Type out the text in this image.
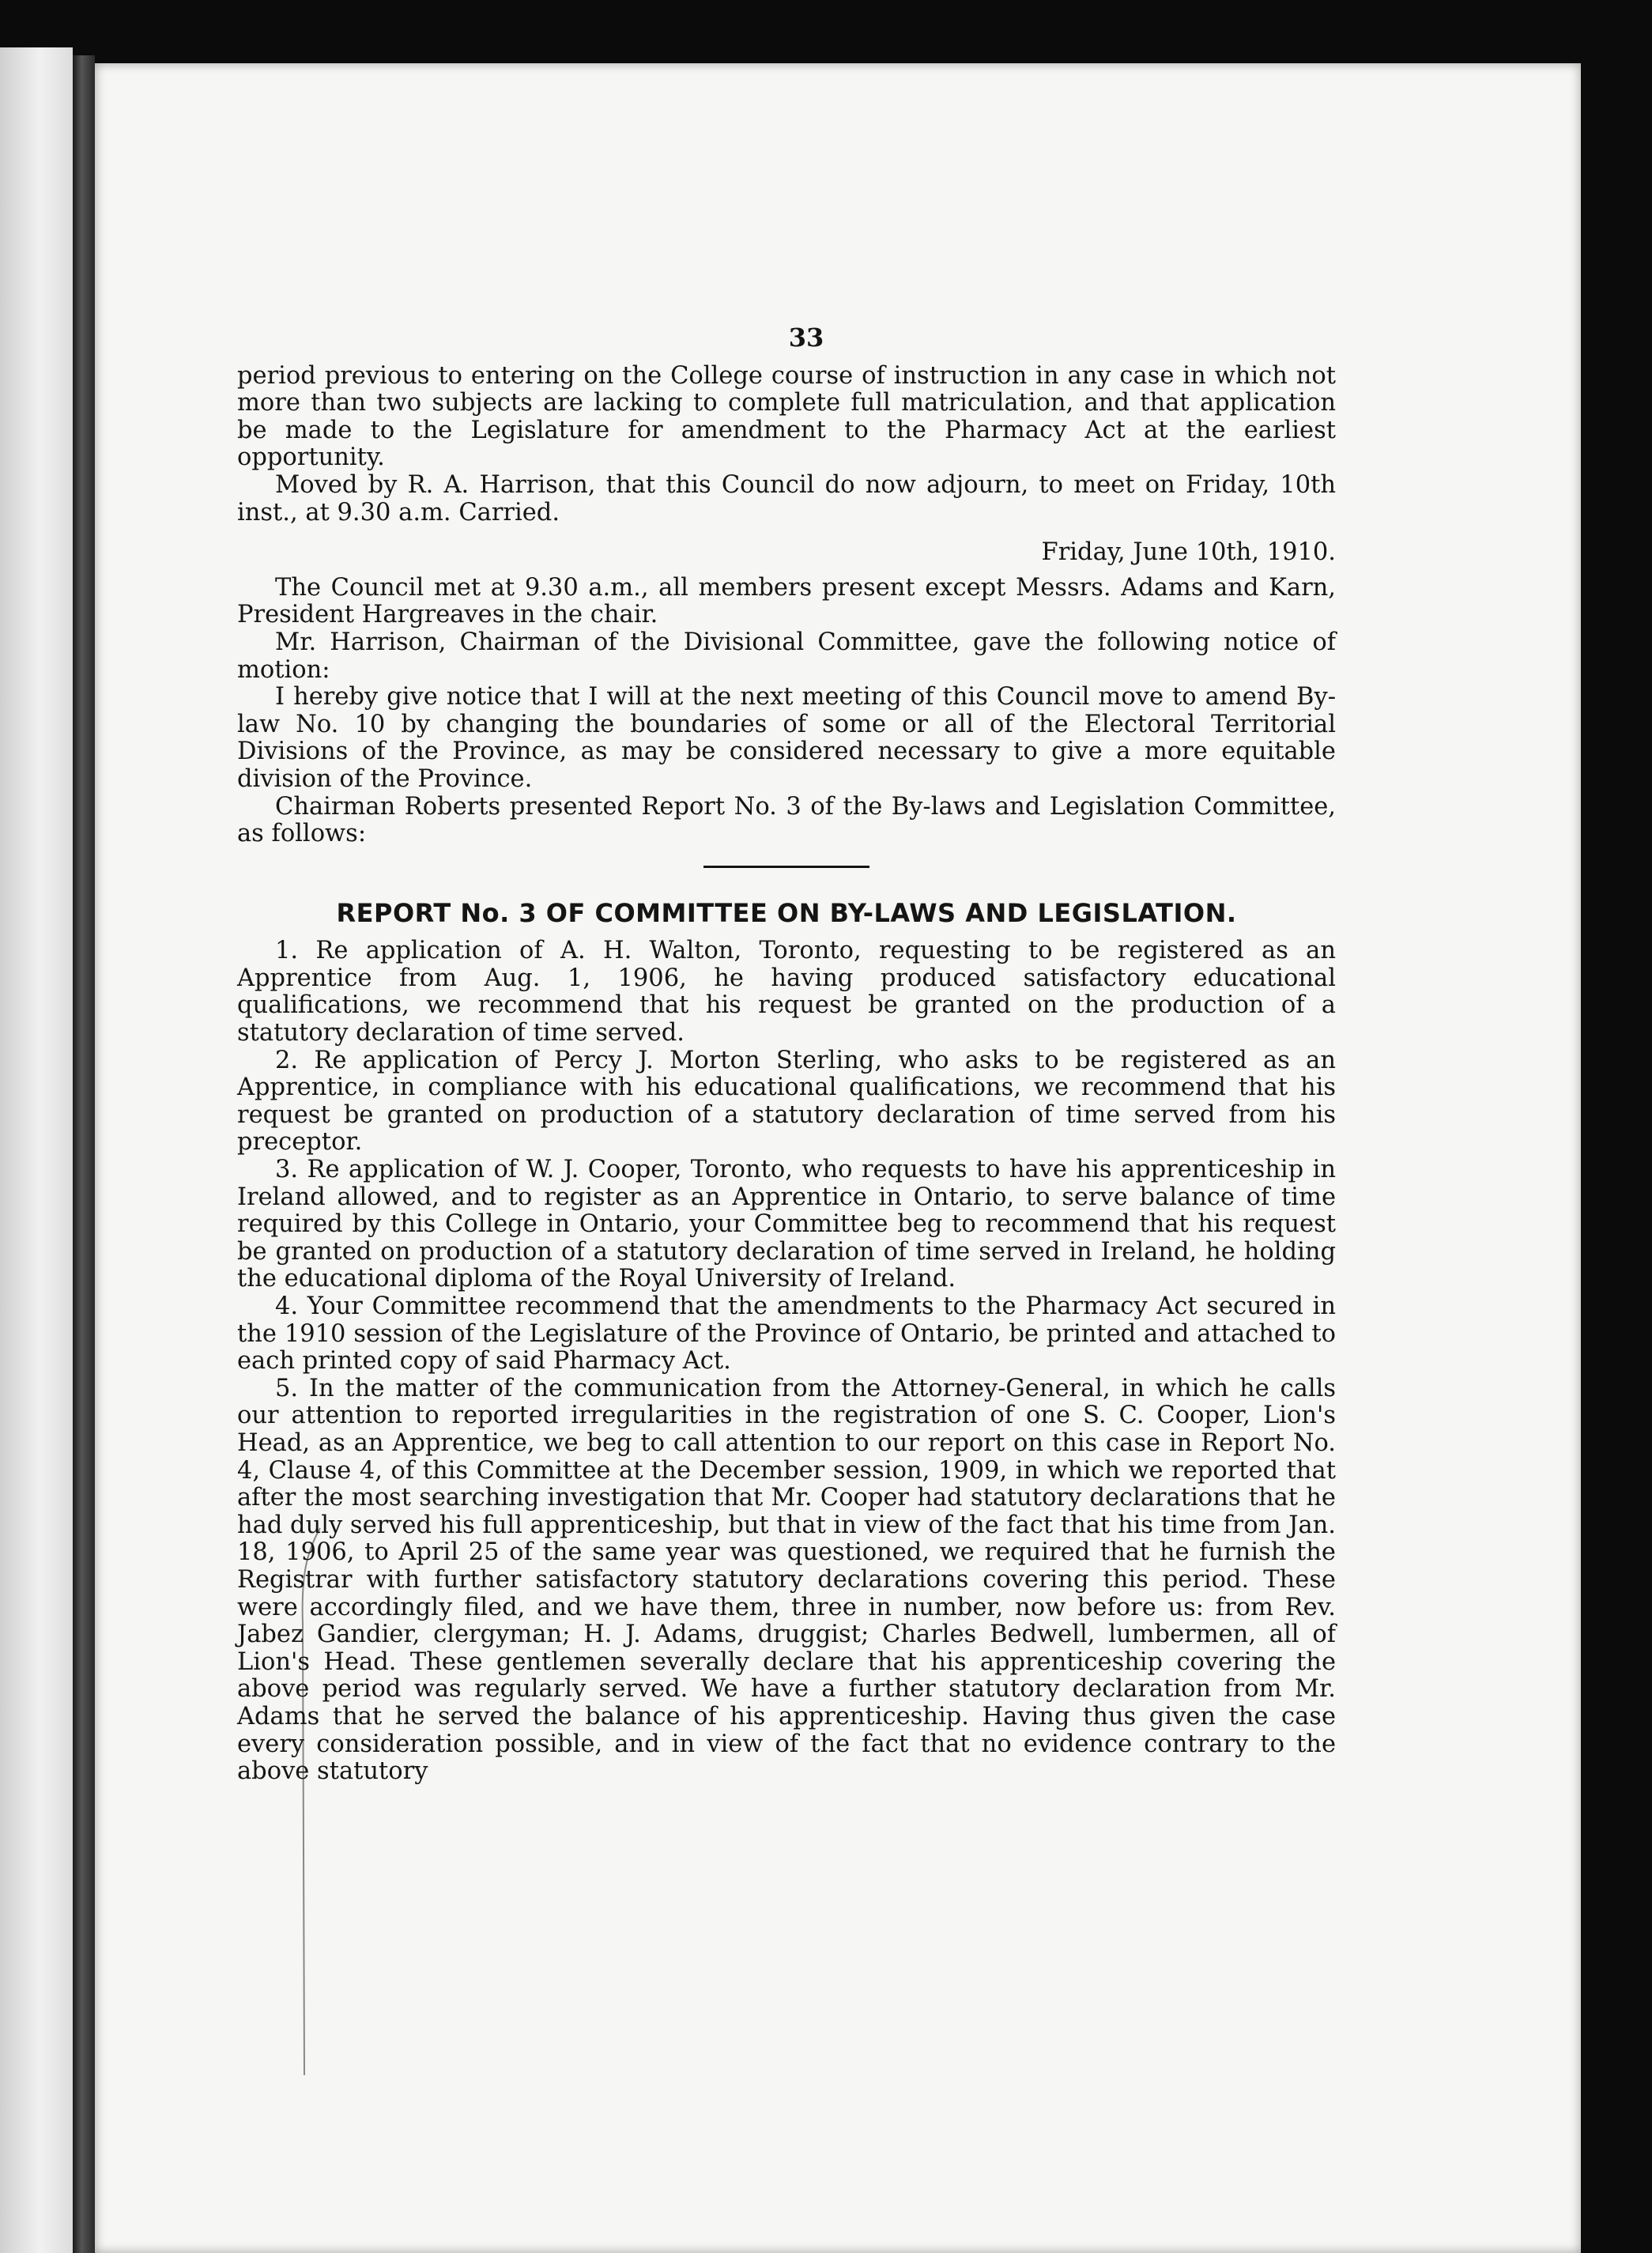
33

period previous to entering on the College course of instruction in any case in which not more than two subjects are lacking to complete full matriculation, and that application be made to the Legislature for amendment to the Pharmacy Act at the earliest opportunity.

Moved by R. A. Harrison, that this Council do now adjourn, to meet on Friday, 10th inst., at 9.30 a.m. Carried.

Friday, June 10th, 1910.

The Council met at 9.30 a.m., all members present except Messrs. Adams and Karn, President Hargreaves in the chair.

Mr. Harrison, Chairman of the Divisional Committee, gave the following notice of motion:

I hereby give notice that I will at the next meeting of this Council move to amend By-law No. 10 by changing the boundaries of some or all of the Electoral Territorial Divisions of the Province, as may be considered necessary to give a more equitable division of the Province.

Chairman Roberts presented Report No. 3 of the By-laws and Legislation Committee, as follows:

REPORT No. 3 OF COMMITTEE ON BY-LAWS AND LEGISLATION.

1. Re application of A. H. Walton, Toronto, requesting to be registered as an Apprentice from Aug. 1, 1906, he having produced satisfactory educational qualifications, we recommend that his request be granted on the production of a statutory declaration of time served.

2. Re application of Percy J. Morton Sterling, who asks to be registered as an Apprentice, in compliance with his educational qualifications, we recommend that his request be granted on production of a statutory declaration of time served from his preceptor.

3. Re application of W. J. Cooper, Toronto, who requests to have his apprenticeship in Ireland allowed, and to register as an Apprentice in Ontario, to serve balance of time required by this College in Ontario, your Committee beg to recommend that his request be granted on production of a statutory declaration of time served in Ireland, he holding the educational diploma of the Royal University of Ireland.

4. Your Committee recommend that the amendments to the Pharmacy Act secured in the 1910 session of the Legislature of the Province of Ontario, be printed and attached to each printed copy of said Pharmacy Act.

5. In the matter of the communication from the Attorney-General, in which he calls our attention to reported irregularities in the registration of one S. C. Cooper, Lion's Head, as an Apprentice, we beg to call attention to our report on this case in Report No. 4, Clause 4, of this Committee at the December session, 1909, in which we reported that after the most searching investigation that Mr. Cooper had statutory declarations that he had duly served his full apprenticeship, but that in view of the fact that his time from Jan. 18, 1906, to April 25 of the same year was questioned, we required that he furnish the Registrar with further satisfactory statutory declarations covering this period. These were accordingly filed, and we have them, three in number, now before us: from Rev. Jabez Gandier, clergyman; H. J. Adams, druggist; Charles Bedwell, lumbermen, all of Lion's Head. These gentlemen severally declare that his apprenticeship covering the above period was regularly served. We have a further statutory declaration from Mr. Adams that he served the balance of his apprenticeship. Having thus given the case every consideration possible, and in view of the fact that no evidence contrary to the above statutory
